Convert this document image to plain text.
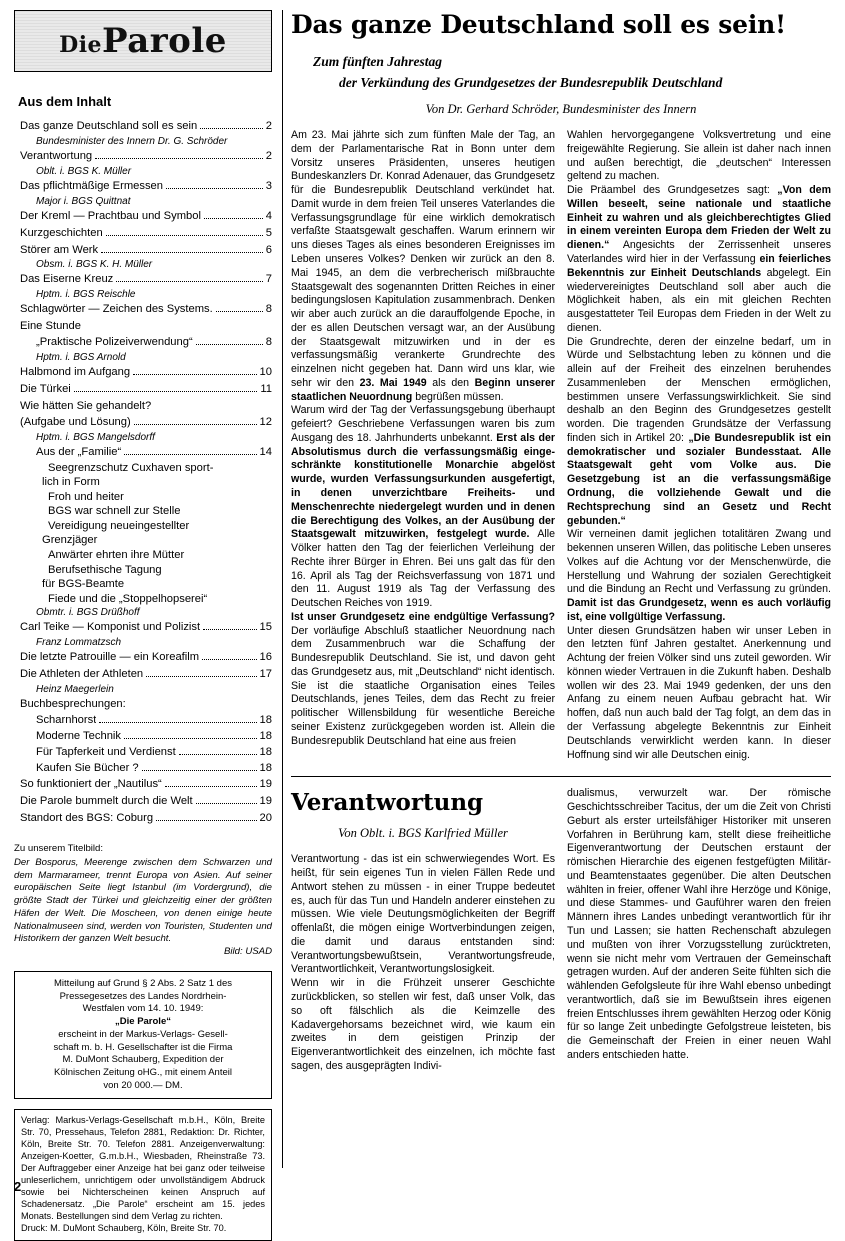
DieParole
Aus dem Inhalt
Das ganze Deutschland soll es sein	2
Bundesminister des Innern Dr. G. Schröder
Verantwortung	2
Oblt. i. BGS K. Müller
Das pflichtmäßige Ermessen	3
Major i. BGS Quittnat
Der Kreml — Prachtbau und Symbol	4
Kurzgeschichten	5
Störer am Werk	6
Obsm. i. BGS K. H. Müller
Das Eiserne Kreuz	7
Hptm. i. BGS Reischle
Schlagwörter — Zeichen des Systems.	8
Eine Stunde
„Praktische Polizeiverwendung“	8
Hptm. i. BGS Arnold
Halbmond im Aufgang	10
Die Türkei	11
Wie hätten Sie gehandelt?
(Aufgabe und Lösung)	12
Hptm. i. BGS Mangelsdorff
Aus der „Familie“	14
Seegrenzschutz Cuxhaven sport-
lich in Form
Froh und heiter
BGS war schnell zur Stelle
Vereidigung neueingestellter
Grenzjäger
Anwärter ehrten ihre Mütter
Berufsethische Tagung
für BGS-Beamte
Fiede und die „Stoppelhopserei“
Obmtr. i. BGS Drüßhoff
Carl Teike — Komponist und Polizist	15
Franz Lommatzsch
Die letzte Patrouille — ein Koreafilm	16
Die Athleten der Athleten	17
Heinz Maegerlein
Buchbesprechungen:
Scharnhorst	18
Moderne Technik	18
Für Tapferkeit und Verdienst	18
Kaufen Sie Bücher ?	18
So funktioniert der „Nautilus“	19
Die Parole bummelt durch die Welt	19
Standort des BGS: Coburg	20
Zu unserem Titelbild:
Der Bosporus, Meerenge zwischen dem Schwarzen und dem Marmarameer, trennt Europa von Asien. Auf seiner europäischen Seite liegt Istanbul (im Vordergrund), die größte Stadt der Türkei und gleichzeitig einer der größten Häfen der Welt. Die Moscheen, von denen einige heute Nationalmuseen sind, werden von Touristen, Studenten und Historikern der ganzen Welt besucht.
Bild: USAD
Mitteilung auf Grund § 2 Abs. 2 Satz 1 des
Pressegesetzes des Landes Nordrhein-
Westfalen vom 14. 10. 1949:
„Die Parole“
erscheint in der Markus-Verlags- Gesell-
schaft m. b. H. Gesellschafter ist die Firma
M. DuMont Schauberg, Expedition der
Kölnischen Zeitung oHG., mit einem Anteil
von 20 000.— DM.
Verlag: Markus-Verlags-Gesellschaft m.b.H., Köln, Breite Str. 70, Pressehaus, Telefon 2881, Redaktion: Dr. Richter, Köln, Breite Str. 70. Telefon 2881. Anzeigenverwaltung: Anzeigen-Koetter, G.m.b.H., Wiesbaden, Rheinstraße 73. Der Auftraggeber einer Anzeige hat bei ganz oder teilweise unleserlichem, unrichtigem oder unvollständigem Abdruck sowie bei Nichterscheinen keinen Anspruch auf Schadenersatz. „Die Parole“ erscheint am 15. jedes Monats. Bestellungen sind dem Verlag zu richten.
Druck: M. DuMont Schauberg, Köln, Breite Str. 70.
Das ganze Deutschland soll es sein!
Zum fünften Jahrestag
der Verkündung des Grundgesetzes der Bundesrepublik Deutschland
Von Dr. Gerhard Schröder, Bundesminister des Innern

Am 23. Mai jährte sich zum fünften Male der Tag, an dem der Parlamentarische Rat in Bonn unter dem Vorsitz unseres Präsidenten, unseres heutigen Bundeskanzlers Dr. Konrad Adenauer, das Grundgesetz für die Bundesrepublik Deutschland verkündet hat. Damit wurde in dem freien Teil unseres Vaterlandes die Verfassungsgrundlage für eine wirklich demokratisch verfaßte Staatsgewalt geschaffen. Warum erinnern wir uns dieses Tages als eines besonderen Ereignisses im Leben unseres Volkes? Denken wir zurück an den 8. Mai 1945, an dem die verbrecherisch mißbrauchte Staatsgewalt des sogenannten Dritten Reiches in einer bedingungslosen Kapitulation zusammenbrach. Denken wir aber auch zurück an die darauffolgende Epoche, in der es allen Deutschen versagt war, an der Ausübung der Staatsgewalt mitzuwirken und in der es verfassungsmäßig verankerte Grundrechte des einzelnen nicht gegeben hat. Dann wird uns klar, wie sehr wir den 23. Mai 1949 als den Beginn unserer staatlichen Neuordnung begrüßen müssen.

Warum wird der Tag der Verfassungsgebung überhaupt gefeiert? Geschriebene Verfassungen waren bis zum Ausgang des 18. Jahrhunderts unbekannt. Erst als der Absolutismus durch die verfassungsmäßig einge-schränkte konstitutionelle Monarchie abgelöst wurde, wurden Verfassungsurkunden ausgefertigt, in denen unverzichtbare Freiheits- und Menschenrechte niedergelegt wurden und in denen die Berechtigung des Volkes, an der Ausübung der Staatsgewalt mitzuwirken, festgelegt wurde. Alle Völker hatten den Tag der feierlichen Verleihung der Rechte ihrer Bürger in Ehren. Bei uns galt das für den 16. April als Tag der Reichsverfassung von 1871 und den 11. August 1919 als Tag der Verfassung des Deutschen Reiches von 1919.

Ist unser Grundgesetz eine endgültige Verfassung? Der vorläufige Abschluß staatlicher Neuordnung nach dem Zusammenbruch war die Schaffung der Bundesrepublik Deutschland. Sie ist, und davon geht das Grundgesetz aus, mit „Deutschland“ nicht identisch. Sie ist die staatliche Organisation eines Teiles Deutschlands, jenes Teiles, dem das Recht zu freier politischer Willensbildung für wesentliche Bereiche seiner Existenz zurückgegeben worden ist. Allein die Bundesrepublik Deutschland hat eine aus freien

Wahlen hervorgegangene Volksvertretung und eine freigewählte Regierung. Sie allein ist daher nach innen und außen berechtigt, die „deutschen“ Interessen geltend zu machen.

Die Präambel des Grundgesetzes sagt: „Von dem Willen beseelt, seine nationale und staatliche Einheit zu wahren und als gleichberechtigtes Glied in einem vereinten Europa dem Frieden der Welt zu dienen.“ Angesichts der Zerrissenheit unseres Vaterlandes wird hier in der Verfassung ein feierliches Bekenntnis zur Einheit Deutschlands abgelegt. Ein wiedervereinigtes Deutschland soll aber auch die Möglichkeit haben, als ein mit gleichen Rechten ausgestatteter Teil Europas dem Frieden in der Welt zu dienen.

Die Grundrechte, deren der einzelne bedarf, um in Würde und Selbstachtung leben zu können und die allein auf der Freiheit des einzelnen beruhendes Zusammenleben der Menschen ermöglichen, bestimmen unsere Verfassungswirklichkeit. Sie sind deshalb an den Beginn des Grundgesetzes gestellt worden. Die tragenden Grundsätze der Verfassung finden sich in Artikel 20: „Die Bundesrepublik ist ein demokratischer und sozialer Bundesstaat. Alle Staatsgewalt geht vom Volke aus. Die Gesetzgebung ist an die verfassungsmäßige Ordnung, die vollziehende Gewalt und die Rechtsprechung sind an Gesetz und Recht gebunden.“

Wir verneinen damit jeglichen totalitären Zwang und bekennen unseren Willen, das politische Leben unseres Volkes auf die Achtung vor der Menschenwürde, die Herstellung und Wahrung der sozialen Gerechtigkeit und die Bindung an Recht und Verfassung zu gründen. Damit ist das Grundgesetz, wenn es auch vorläufig ist, eine vollgültige Verfassung.

Unter diesen Grundsätzen haben wir unser Leben in den letzten fünf Jahren gestaltet. Anerkennung und Achtung der freien Völker sind uns zuteil geworden. Wir können wieder Vertrauen in die Zukunft haben. Deshalb wollen wir des 23. Mai 1949 gedenken, der uns den Anfang zu einem neuen Aufbau gebracht hat. Wir hoffen, daß nun auch bald der Tag folgt, an dem das in der Verfassung abgelegte Bekenntnis zur Einheit Deutschlands verwirklicht werden kann. In dieser Hoffnung sind wir alle Deutschen einig.

Verantwortung
Von Oblt. i. BGS Karlfried Müller

Verantwortung - das ist ein schwerwiegendes Wort. Es heißt, für sein eigenes Tun in vielen Fällen Rede und Antwort stehen zu müssen - in einer Truppe bedeutet es, auch für das Tun und Handeln anderer einstehen zu müssen. Wie viele Deutungsmöglichkeiten der Begriff offenlaßt, die mögen einige Wortverbindungen zeigen, die damit und daraus entstanden sind: Verantwortungsbewußtsein, Verantwortungsfreude, Verantwortlichkeit, Verantwortungslosigkeit.

Wenn wir in die Frühzeit unserer Geschichte zurückblicken, so stellen wir fest, daß unser Volk, das so oft fälschlich als die Keimzelle des Kadavergehorsams bezeichnet wird, wie kaum ein zweites in dem geistigen Prinzip der Eigenverantwortlichkeit des einzelnen, ich möchte fast sagen, des ausgeprägten Indivi-

dualismus, verwurzelt war. Der römische Geschichtsschreiber Tacitus, der um die Zeit von Christi Geburt als erster urteilsfähiger Historiker mit unseren Vorfahren in Berührung kam, stellt diese freiheitliche Eigenverantwortung der Deutschen erstaunt der römischen Hierarchie des eigenen festgefügten Militär- und Beamtenstaates gegenüber. Die alten Deutschen wählten in freier, offener Wahl ihre Herzöge und Könige, und diese Stammes- und Gauführer waren den freien Männern ihres Landes unbedingt verantwortlich für ihr Tun und Lassen; sie hatten Rechenschaft abzulegen und mußten von ihrer Vorzugsstellung zurücktreten, wenn sie nicht mehr vom Vertrauen der Gemeinschaft getragen wurden. Auf der anderen Seite fühlten sich die wählenden Gefolgsleute für ihre Wahl ebenso unbedingt verantwortlich, daß sie im Bewußtsein ihres eigenen freien Entschlusses ihrem gewählten Herzog oder König für so lange Zeit unbedingte Gefolgstreue leisteten, bis die Gemeinschaft der Freien in einer neuen Wahl anders entschieden hatte.

2
